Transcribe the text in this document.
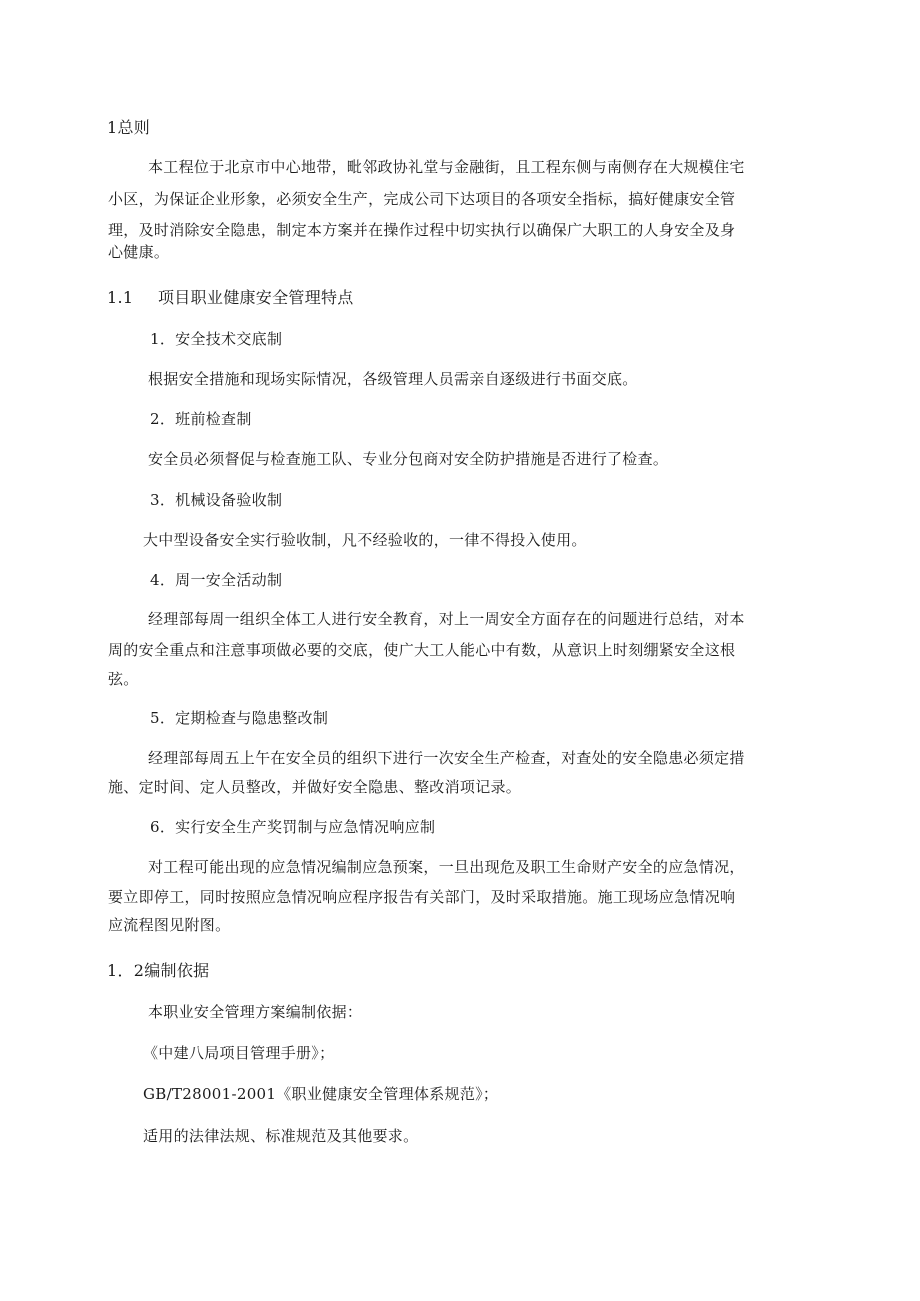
1总则
本工程位于北京市中心地带，毗邻政协礼堂与金融街，且工程东侧与南侧存在大规模住宅
小区，为保证企业形象，必须安全生产，完成公司下达项目的各项安全指标，搞好健康安全管
理，及时消除安全隐患，制定本方案并在操作过程中切实执行以确保广大职工的人身安全及身
心健康。
1.1 项目职业健康安全管理特点
1．安全技术交底制
根据安全措施和现场实际情况，各级管理人员需亲自逐级进行书面交底。
2．班前检查制
安全员必须督促与检查施工队、专业分包商对安全防护措施是否进行了检查。
3．机械设备验收制
大中型设备安全实行验收制，凡不经验收的，一律不得投入使用。
4．周一安全活动制
经理部每周一组织全体工人进行安全教育，对上一周安全方面存在的问题进行总结，对本
周的安全重点和注意事项做必要的交底，使广大工人能心中有数，从意识上时刻绷紧安全这根
弦。
5．定期检查与隐患整改制
经理部每周五上午在安全员的组织下进行一次安全生产检查，对查处的安全隐患必须定措
施、定时间、定人员整改，并做好安全隐患、整改消项记录。
6．实行安全生产奖罚制与应急情况响应制
对工程可能出现的应急情况编制应急预案，一旦出现危及职工生命财产安全的应急情况，
要立即停工，同时按照应急情况响应程序报告有关部门，及时采取措施。施工现场应急情况响
应流程图见附图。
1．2编制依据
本职业安全管理方案编制依据：
《中建八局项目管理手册》；
GB/T28001-2001《职业健康安全管理体系规范》；
适用的法律法规、标准规范及其他要求。
